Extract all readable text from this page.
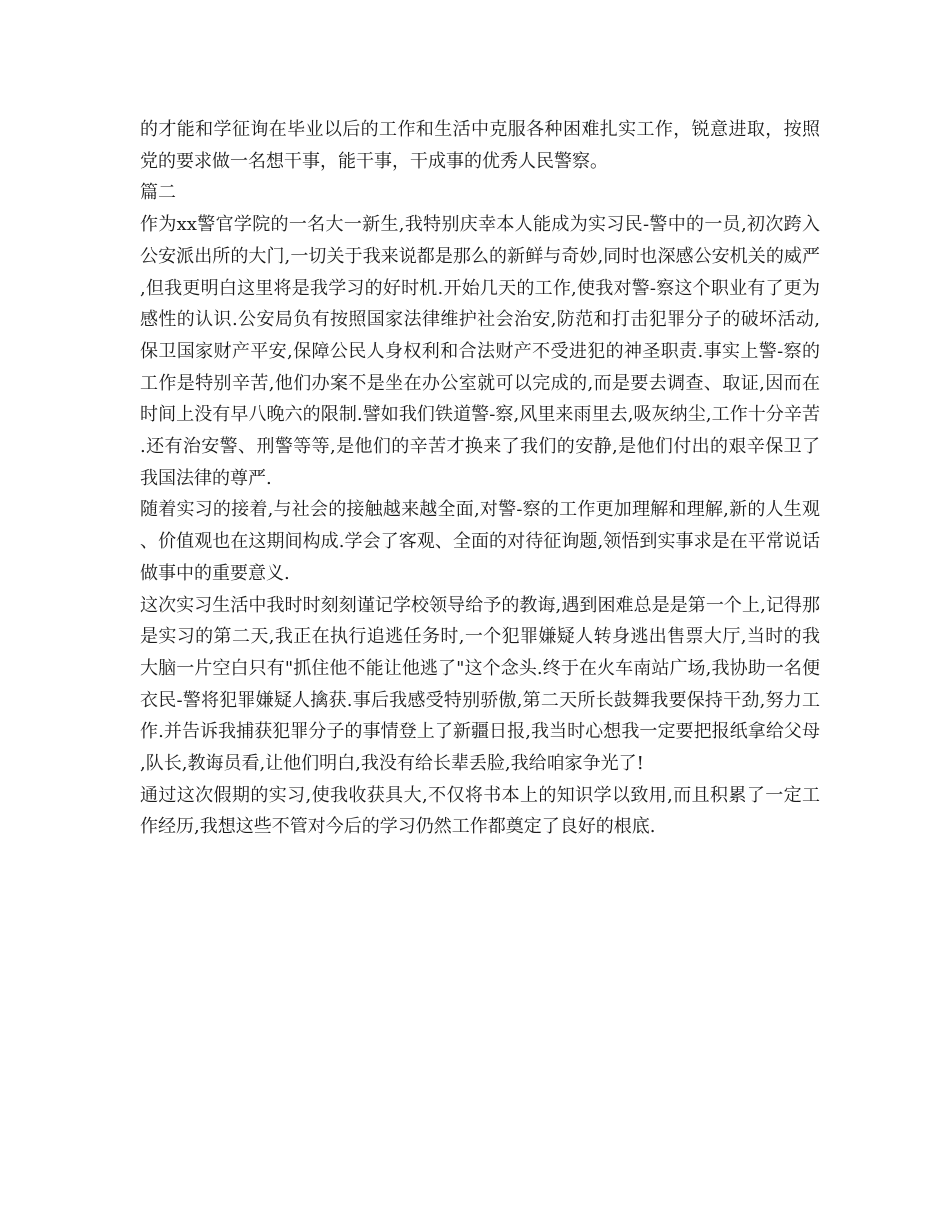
的才能和学征询在毕业以后的工作和生活中克服各种困难扎实工作，锐意进取，按照党的要求做一名想干事，能干事，干成事的优秀人民警察。

篇二

作为xx警官学院的一名大一新生,我特别庆幸本人能成为实习民-警中的一员,初次跨入公安派出所的大门,一切关于我来说都是那么的新鲜与奇妙,同时也深感公安机关的威严,但我更明白这里将是我学习的好时机.开始几天的工作,使我对警-察这个职业有了更为感性的认识.公安局负有按照国家法律维护社会治安,防范和打击犯罪分子的破坏活动,保卫国家财产平安,保障公民人身权利和合法财产不受进犯的神圣职责.事实上警-察的工作是特别辛苦,他们办案不是坐在办公室就可以完成的,而是要去调查、取证,因而在时间上没有早八晚六的限制.譬如我们铁道警-察,风里来雨里去,吸灰纳尘,工作十分辛苦.还有治安警、刑警等等,是他们的辛苦才换来了我们的安静,是他们付出的艰辛保卫了我国法律的尊严.

随着实习的接着,与社会的接触越来越全面,对警-察的工作更加理解和理解,新的人生观、价值观也在这期间构成.学会了客观、全面的对待征询题,领悟到实事求是在平常说话做事中的重要意义.

这次实习生活中我时时刻刻谨记学校领导给予的教诲,遇到困难总是是第一个上,记得那是实习的第二天,我正在执行追逃任务时,一个犯罪嫌疑人转身逃出售票大厅,当时的我大脑一片空白只有"抓住他不能让他逃了"这个念头.终于在火车南站广场,我协助一名便衣民-警将犯罪嫌疑人擒获.事后我感受特别骄傲,第二天所长鼓舞我要保持干劲,努力工作.并告诉我捕获犯罪分子的事情登上了新疆日报,我当时心想我一定要把报纸拿给父母,队长,教诲员看,让他们明白,我没有给长辈丢脸,我给咱家争光了!

通过这次假期的实习,使我收获具大,不仅将书本上的知识学以致用,而且积累了一定工作经历,我想这些不管对今后的学习仍然工作都奠定了良好的根底.
